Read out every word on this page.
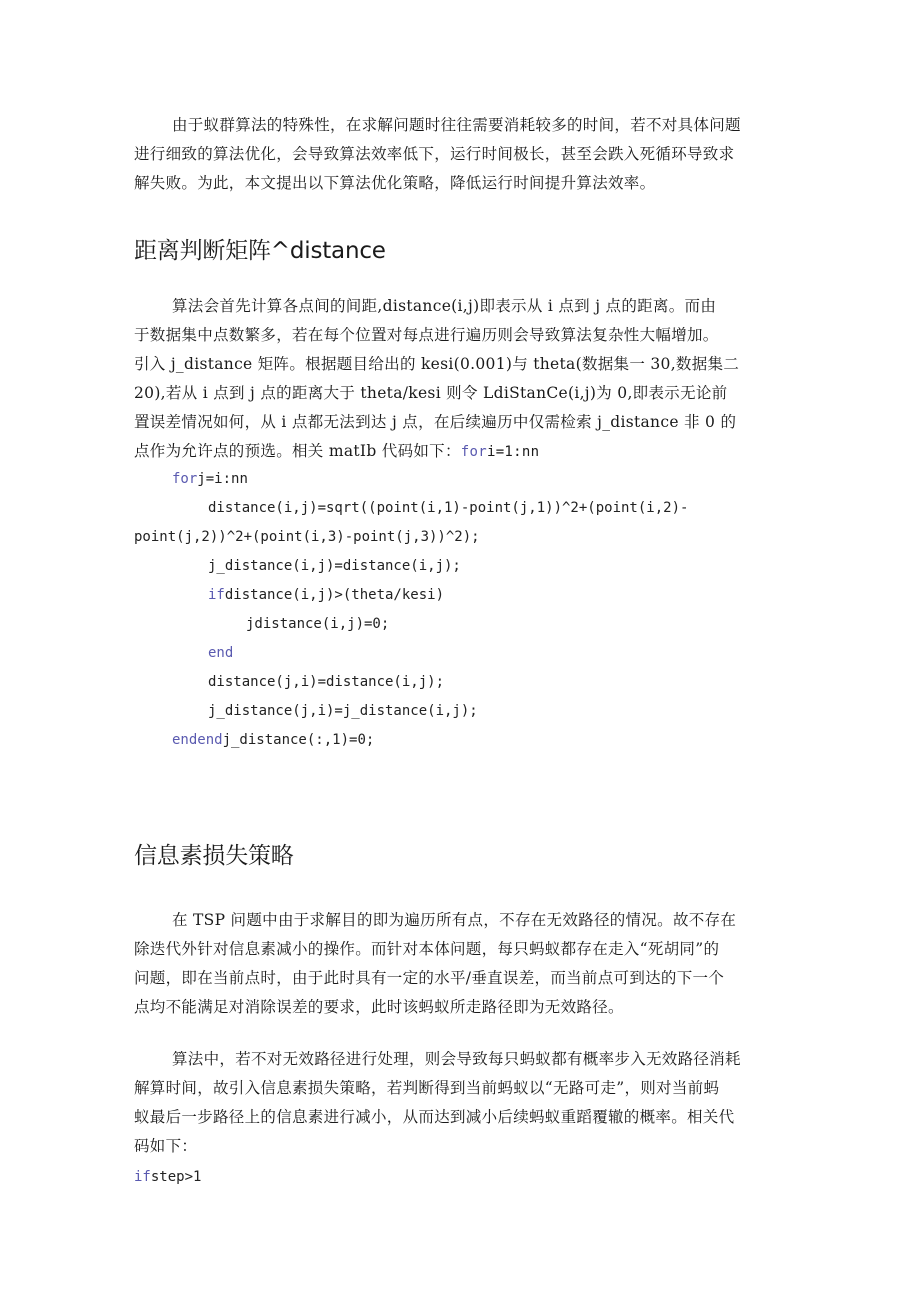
由于蚁群算法的特殊性，在求解问题时往往需要消耗较多的时间，若不对具体问题
进行细致的算法优化，会导致算法效率低下，运行时间极长，甚至会跌入死循环导致求
解失败。为此，本文提出以下算法优化策略，降低运行时间提升算法效率。
距离判断矩阵^distance
算法会首先计算各点间的间距,distance(i,j)即表示从 i 点到 j 点的距离。而由
于数据集中点数繁多，若在每个位置对每点进行遍历则会导致算法复杂性大幅增加。
引入 j_distance 矩阵。根据题目给出的 kesi(0.001)与 theta(数据集一 30,数据集二
20),若从 i 点到 j 点的距离大于 theta/kesi 则令 LdiStanCe(i,j)为 0,即表示无论前
置误差情况如何，从 i 点都无法到达 j 点，在后续遍历中仅需检索 j_distance 非 0 的
点作为允许点的预选。相关 matIb 代码如下：fori=1:nn
forj=i:nn
distance(i,j)=sqrt((point(i,1)-point(j,1))^2+(point(i,2)-
point(j,2))^2+(point(i,3)-point(j,3))^2);
j_distance(i,j)=distance(i,j);
ifdistance(i,j)>(theta/kesi)
jdistance(i,j)=0;
end
distance(j,i)=distance(i,j);
j_distance(j,i)=j_distance(i,j);
endendj_distance(:,1)=0;
信息素损失策略
在 TSP 问题中由于求解目的即为遍历所有点，不存在无效路径的情况。故不存在
除迭代外针对信息素减小的操作。而针对本体问题，每只蚂蚁都存在走入“死胡同”的
问题，即在当前点时，由于此时具有一定的水平/垂直误差，而当前点可到达的下一个
点均不能满足对消除误差的要求，此时该蚂蚁所走路径即为无效路径。
算法中，若不对无效路径进行处理，则会导致每只蚂蚁都有概率步入无效路径消耗
解算时间，故引入信息素损失策略，若判断得到当前蚂蚁以“无路可走”，则对当前蚂
蚁最后一步路径上的信息素进行减小，从而达到减小后续蚂蚁重蹈覆辙的概率。相关代
码如下：
ifstep>1
